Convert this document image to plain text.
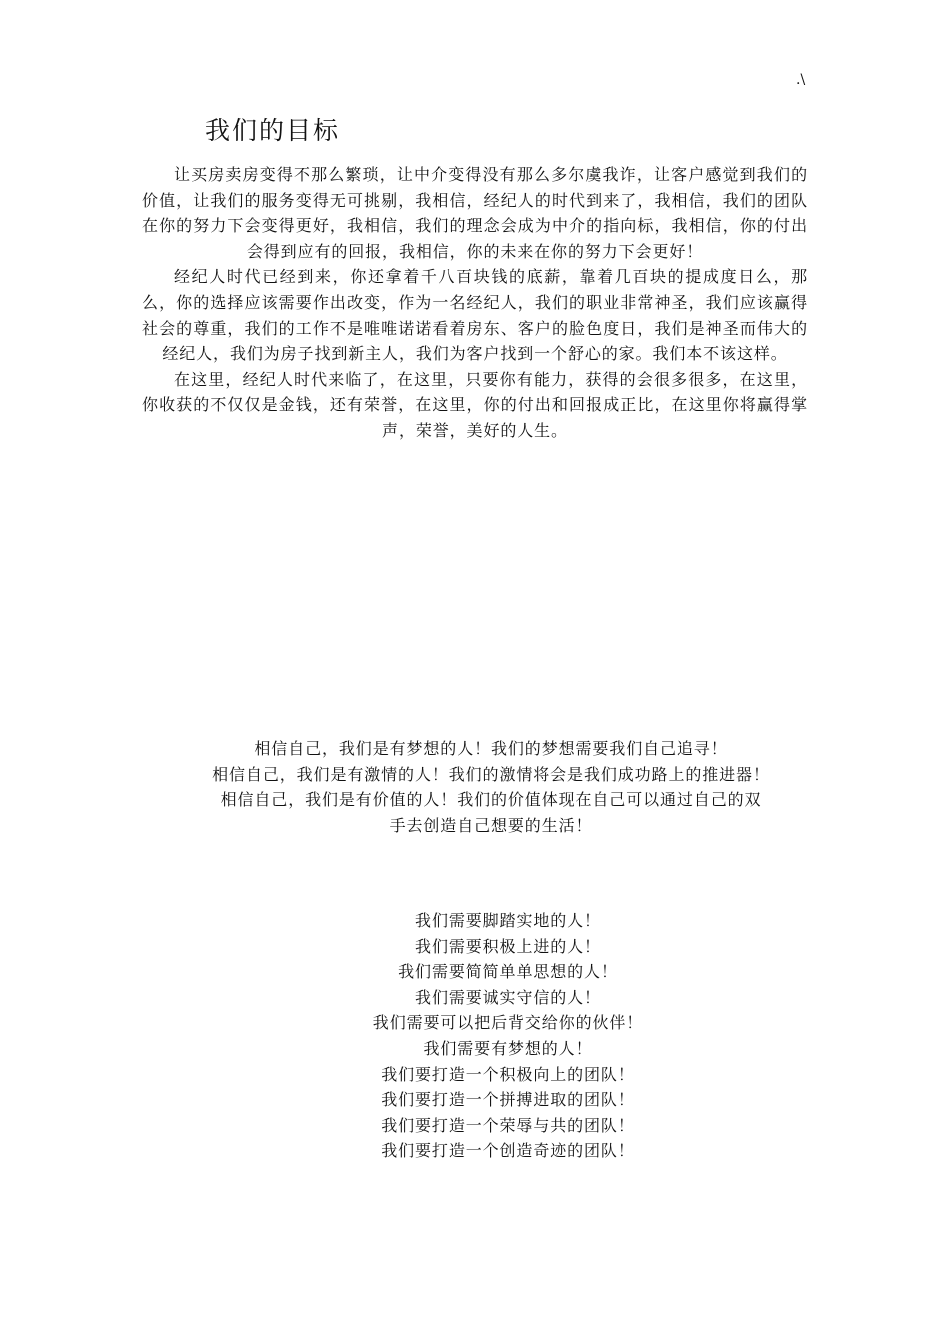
.\
我们的目标

让买房卖房变得不那么繁琐，让中介变得没有那么多尔虞我诈，让客户感觉到我们的价值，让我们的服务变得无可挑剔，我相信，经纪人的时代到来了，我相信，我们的团队在你的努力下会变得更好，我相信，我们的理念会成为中介的指向标，我相信，你的付出会得到应有的回报，我相信，你的未来在你的努力下会更好！

经纪人时代已经到来，你还拿着千八百块钱的底薪，靠着几百块的提成度日么，那么，你的选择应该需要作出改变，作为一名经纪人，我们的职业非常神圣，我们应该赢得社会的尊重，我们的工作不是唯唯诺诺看着房东、客户的脸色度日，我们是神圣而伟大的经纪人，我们为房子找到新主人，我们为客户找到一个舒心的家。我们本不该这样。

在这里，经纪人时代来临了，在这里，只要你有能力，获得的会很多很多，在这里，你收获的不仅仅是金钱，还有荣誉，在这里，你的付出和回报成正比，在这里你将赢得掌声，荣誉，美好的人生。

相信自己，我们是有梦想的人！我们的梦想需要我们自己追寻！

相信自己，我们是有激情的人！我们的激情将会是我们成功路上的推进器！

相信自己，我们是有价值的人！我们的价值体现在自己可以通过自己的双

手去创造自己想要的生活！

我们需要脚踏实地的人！

我们需要积极上进的人！

我们需要简简单单思想的人！

我们需要诚实守信的人！

我们需要可以把后背交给你的伙伴！

我们需要有梦想的人！

我们要打造一个积极向上的团队！

我们要打造一个拼搏进取的团队！

我们要打造一个荣辱与共的团队！

我们要打造一个创造奇迹的团队！
